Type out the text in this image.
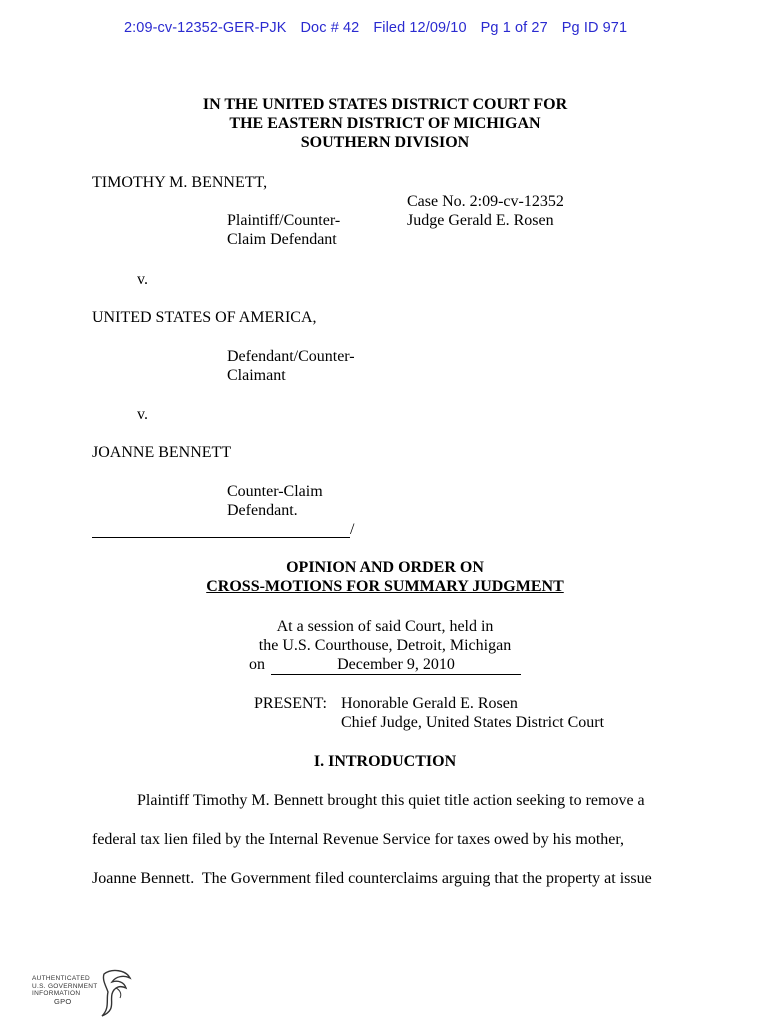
2:09-cv-12352-GER-PJK Doc # 42 Filed 12/09/10 Pg 1 of 27 Pg ID 971
IN THE UNITED STATES DISTRICT COURT FOR
THE EASTERN DISTRICT OF MICHIGAN
SOUTHERN DIVISION
TIMOTHY M. BENNETT,
Case No. 2:09-cv-12352
Plaintiff/Counter-	Judge Gerald E. Rosen
Claim Defendant
v.
UNITED STATES OF AMERICA,
Defendant/Counter-
Claimant
v.
JOANNE BENNETT
Counter-Claim
Defendant.
/
OPINION AND ORDER ON
CROSS-MOTIONS FOR SUMMARY JUDGMENT
At a session of said Court, held in
the U.S. Courthouse, Detroit, Michigan
on	December 9, 2010
PRESENT: Honorable Gerald E. Rosen
Chief Judge, United States District Court
I. INTRODUCTION
Plaintiff Timothy M. Bennett brought this quiet title action seeking to remove a
federal tax lien filed by the Internal Revenue Service for taxes owed by his mother,
Joanne Bennett.  The Government filed counterclaims arguing that the property at issue
AUTHENTICATED
U.S. GOVERNMENT
INFORMATION
GPO
